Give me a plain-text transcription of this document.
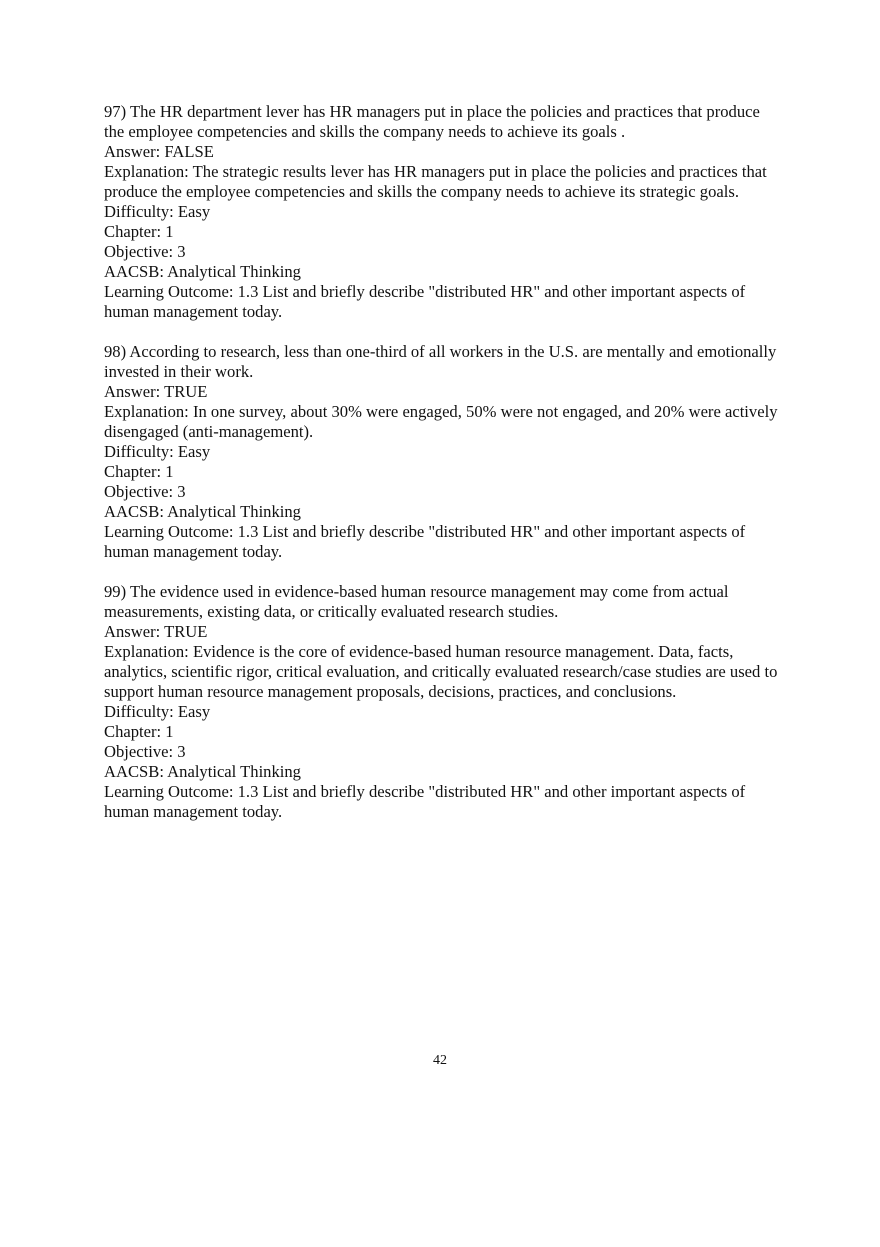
97) The HR department lever has HR managers put in place the policies and practices that produce the employee competencies and skills the company needs to achieve its goals .
Answer: FALSE
Explanation: The strategic results lever has HR managers put in place the policies and practices that produce the employee competencies and skills the company needs to achieve its strategic goals.
Difficulty: Easy
Chapter: 1
Objective: 3
AACSB: Analytical Thinking
Learning Outcome: 1.3 List and briefly describe "distributed HR" and other important aspects of human management today.
98) According to research, less than one-third of all workers in the U.S. are mentally and emotionally invested in their work.
Answer: TRUE
Explanation: In one survey, about 30% were engaged, 50% were not engaged, and 20% were actively disengaged (anti-management).
Difficulty: Easy
Chapter: 1
Objective: 3
AACSB: Analytical Thinking
Learning Outcome: 1.3 List and briefly describe "distributed HR" and other important aspects of human management today.
99) The evidence used in evidence-based human resource management may come from actual measurements, existing data, or critically evaluated research studies.
Answer: TRUE
Explanation: Evidence is the core of evidence-based human resource management. Data, facts, analytics, scientific rigor, critical evaluation, and critically evaluated research/case studies are used to support human resource management proposals, decisions, practices, and conclusions.
Difficulty: Easy
Chapter: 1
Objective: 3
AACSB: Analytical Thinking
Learning Outcome: 1.3 List and briefly describe "distributed HR" and other important aspects of human management today.
42
